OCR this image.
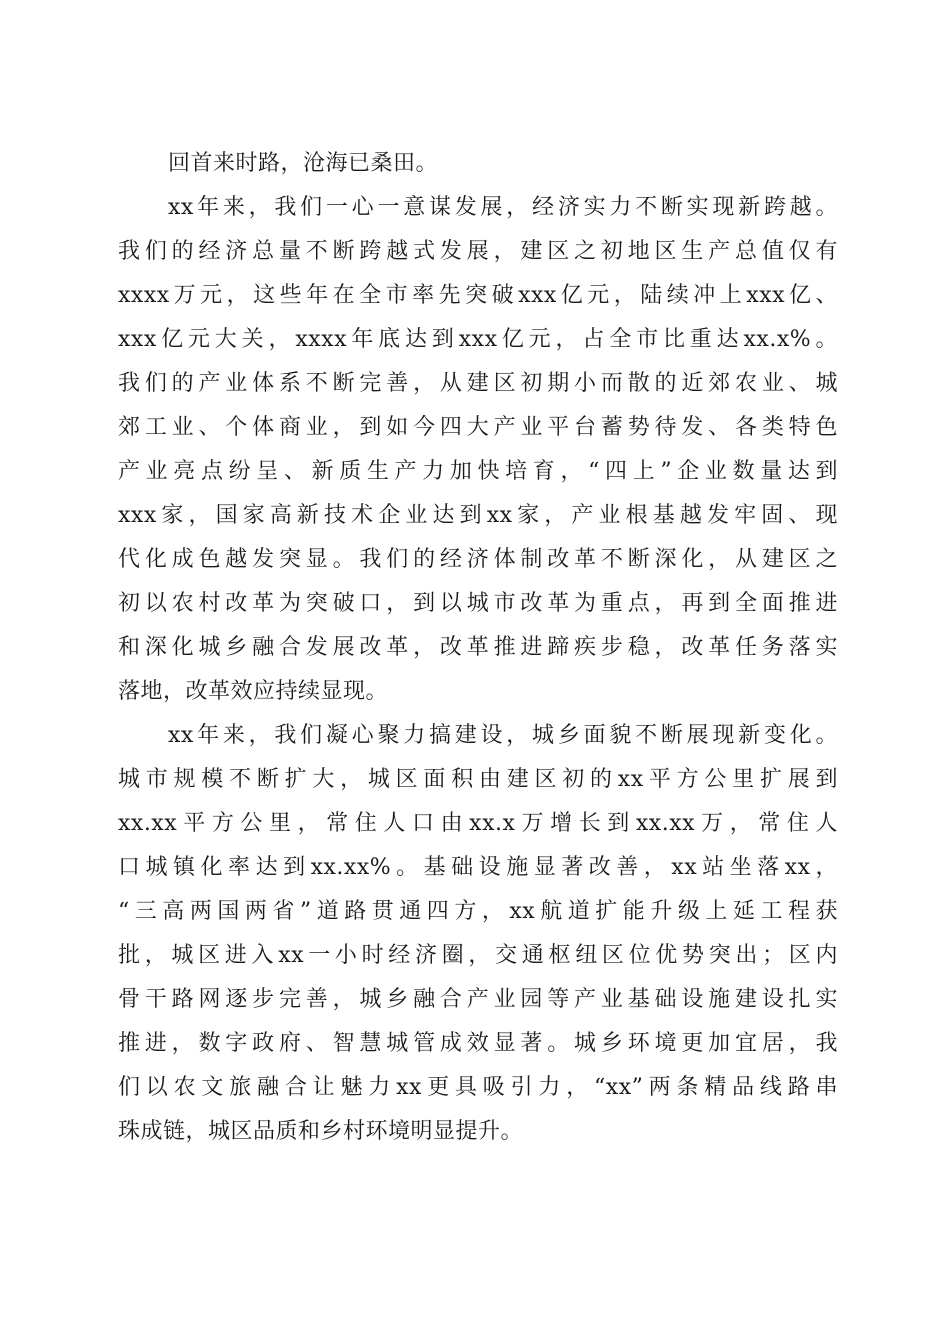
回首来时路，沧海已桑田。
xx年来，我们一心一意谋发展，经济实力不断实现新跨越。
我们的经济总量不断跨越式发展，建区之初地区生产总值仅有
xxxx万元，这些年在全市率先突破xxx亿元，陆续冲上xxx亿、
xxx亿元大关，xxxx年底达到xxx亿元，占全市比重达xx.x%。
我们的产业体系不断完善，从建区初期小而散的近郊农业、城
郊工业、个体商业，到如今四大产业平台蓄势待发、各类特色
产业亮点纷呈、新质生产力加快培育，“四上”企业数量达到
xxx家，国家高新技术企业达到xx家，产业根基越发牢固、现
代化成色越发突显。我们的经济体制改革不断深化，从建区之
初以农村改革为突破口，到以城市改革为重点，再到全面推进
和深化城乡融合发展改革，改革推进蹄疾步稳，改革任务落实
落地，改革效应持续显现。
xx年来，我们凝心聚力搞建设，城乡面貌不断展现新变化。
城市规模不断扩大，城区面积由建区初的xx平方公里扩展到
xx.xx平方公里，常住人口由xx.x万增长到xx.xx万，常住人
口城镇化率达到xx.xx%。基础设施显著改善，xx站坐落xx，
“三高两国两省”道路贯通四方，xx航道扩能升级上延工程获
批，城区进入xx一小时经济圈，交通枢纽区位优势突出；区内
骨干路网逐步完善，城乡融合产业园等产业基础设施建设扎实
推进，数字政府、智慧城管成效显著。城乡环境更加宜居，我
们以农文旅融合让魅力xx更具吸引力，“xx”两条精品线路串
珠成链，城区品质和乡村环境明显提升。
